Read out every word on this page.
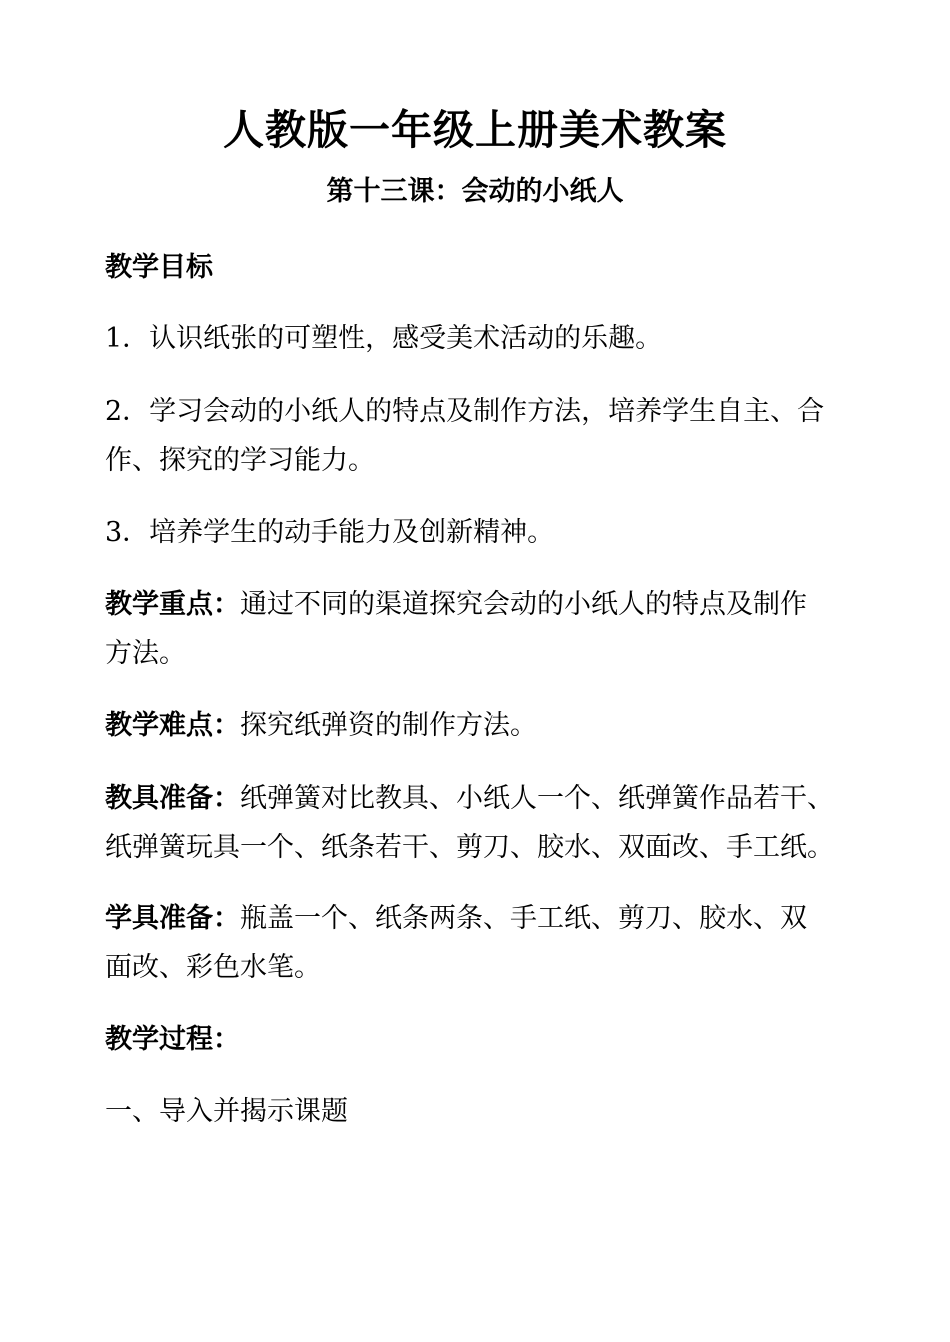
人教版一年级上册美术教案
第十三课：会动的小纸人
教学目标
1．认识纸张的可塑性，感受美术活动的乐趣。
2．学习会动的小纸人的特点及制作方法，培养学生自主、合
作、探究的学习能力。
3．培养学生的动手能力及创新精神。
教学重点：通过不同的渠道探究会动的小纸人的特点及制作
方法。
教学难点：探究纸弹资的制作方法。
教具准备：纸弹簧对比教具、小纸人一个、纸弹簧作品若干、
纸弹簧玩具一个、纸条若干、剪刀、胶水、双面改、手工纸。
学具准备：瓶盖一个、纸条两条、手工纸、剪刀、胶水、双
面改、彩色水笔。
教学过程：
一、导入并揭示课题
